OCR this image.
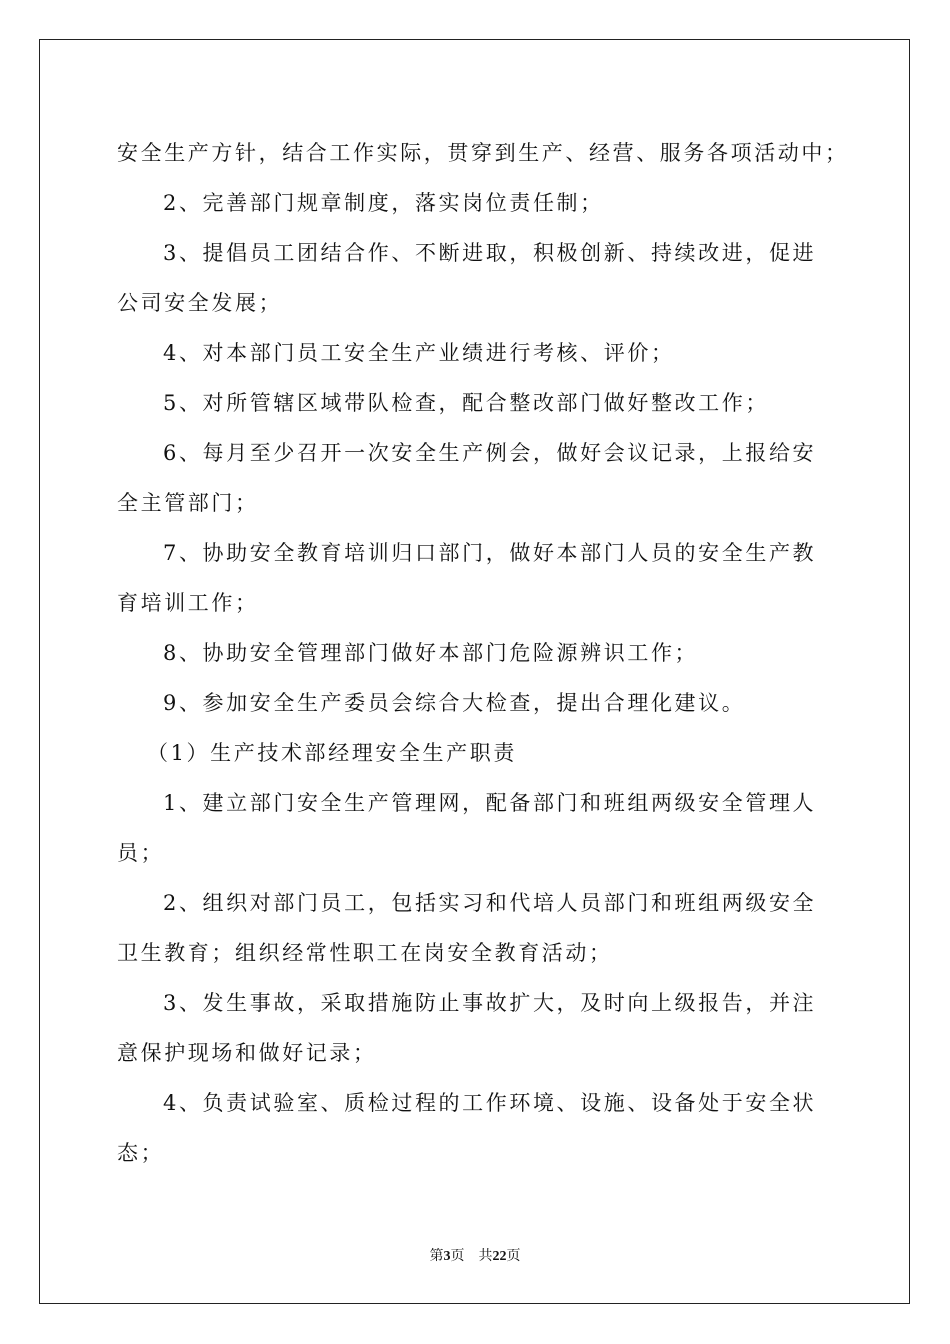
安全生产方针，结合工作实际，贯穿到生产、经营、服务各项活动中；
2、完善部门规章制度，落实岗位责任制；
3、提倡员工团结合作、不断进取，积极创新、持续改进，促进
公司安全发展；
4、对本部门员工安全生产业绩进行考核、评价；
5、对所管辖区域带队检查，配合整改部门做好整改工作；
6、每月至少召开一次安全生产例会，做好会议记录，上报给安
全主管部门；
7、协助安全教育培训归口部门，做好本部门人员的安全生产教
育培训工作；
8、协助安全管理部门做好本部门危险源辨识工作；
9、参加安全生产委员会综合大检查，提出合理化建议。
（1）生产技术部经理安全生产职责
1、建立部门安全生产管理网，配备部门和班组两级安全管理人
员；
2、组织对部门员工，包括实习和代培人员部门和班组两级安全
卫生教育；组织经常性职工在岗安全教育活动；
3、发生事故，采取措施防止事故扩大，及时向上级报告，并注
意保护现场和做好记录；
4、负责试验室、质检过程的工作环境、设施、设备处于安全状
态；
第3页 共22页
